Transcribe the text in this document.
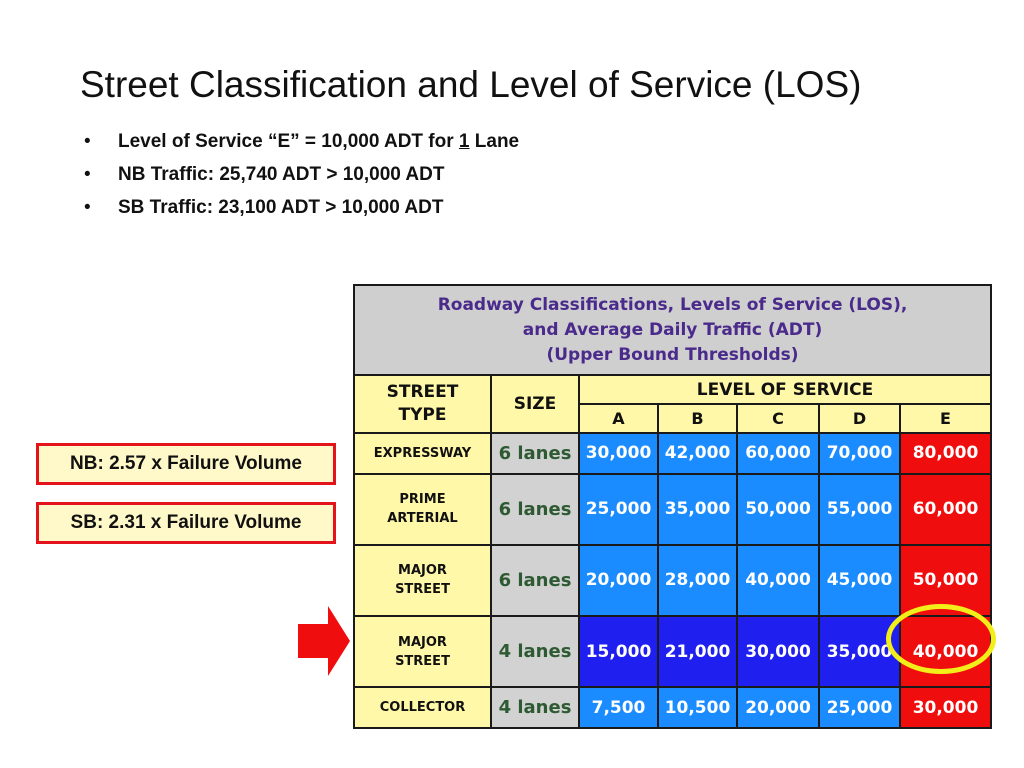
Street Classification and Level of Service (LOS)
• Level of Service “E” = 10,000 ADT for 1 Lane
• NB Traffic: 25,740 ADT > 10,000 ADT
• SB Traffic: 23,100 ADT > 10,000 ADT
NB: 2.57 x Failure Volume
SB: 2.31 x Failure Volume
Roadway Classifications, Levels of Service (LOS),
and Average Daily Traffic (ADT)
(Upper Bound Thresholds)						

STREET
TYPE	SIZE	LEVEL OF SERVICE				
		A	B	C	D	E

EXPRESSWAY	6 lanes	30,000	42,000	60,000	70,000	80,000

PRIME
ARTERIAL	6 lanes	25,000	35,000	50,000	55,000	60,000

MAJOR
STREET	6 lanes	20,000	28,000	40,000	45,000	50,000

MAJOR
STREET	4 lanes	15,000	21,000	30,000	35,000	40,000

COLLECTOR	4 lanes	7,500	10,500	20,000	25,000	30,000
